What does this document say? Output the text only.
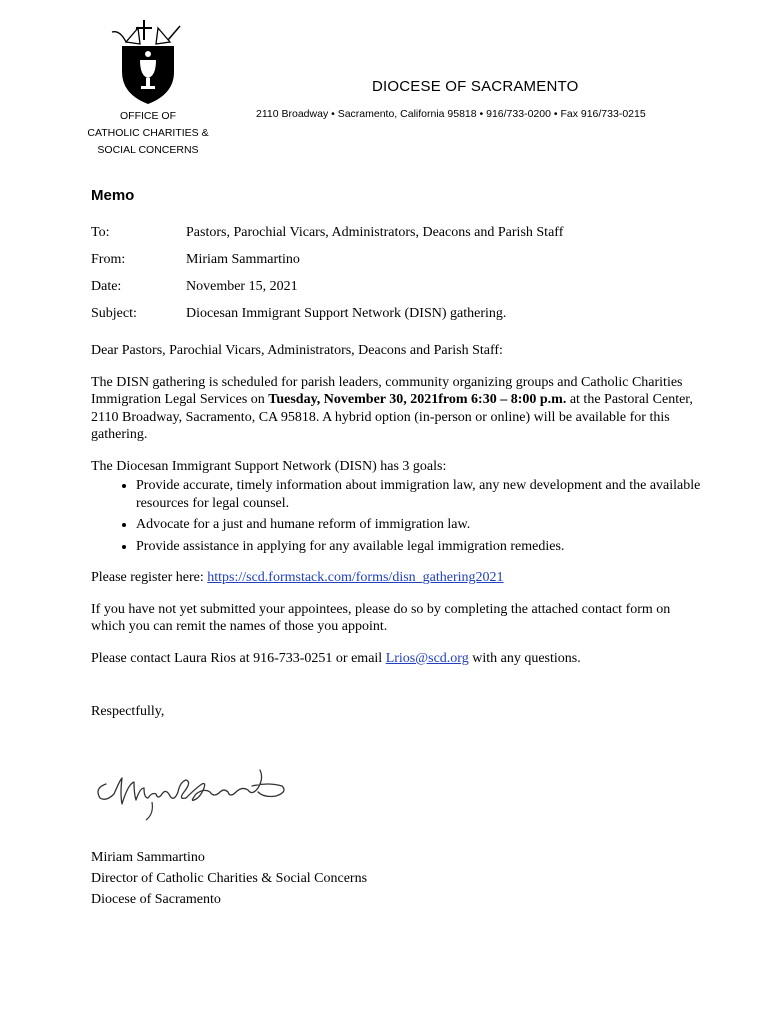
DIOCESE OF SACRAMENTO
OFFICE OF
CATHOLIC CHARITIES &
SOCIAL CONCERNS
2110 Broadway • Sacramento, California 95818 • 916/733-0200 • Fax 916/733-0215
Memo
To:	Pastors, Parochial Vicars, Administrators, Deacons and Parish Staff
From:	Miriam Sammartino
Date:	November 15, 2021
Subject:	Diocesan Immigrant Support Network (DISN) gathering.

Dear Pastors, Parochial Vicars, Administrators, Deacons and Parish Staff:

The DISN gathering is scheduled for parish leaders, community organizing groups and Catholic Charities Immigration Legal Services on Tuesday, November 30, 2021from 6:30 – 8:00 p.m. at the Pastoral Center, 2110 Broadway, Sacramento, CA 95818. A hybrid option (in-person or online) will be available for this gathering.

The Diocesan Immigrant Support Network (DISN) has 3 goals:

• Provide accurate, timely information about immigration law, any new development and the available resources for legal counsel.
• Advocate for a just and humane reform of immigration law.
• Provide assistance in applying for any available legal immigration remedies.

Please register here: https://scd.formstack.com/forms/disn_gathering2021

If you have not yet submitted your appointees, please do so by completing the attached contact form on which you can remit the names of those you appoint.

Please contact Laura Rios at 916-733-0251 or email Lrios@scd.org with any questions.

Respectfully,

Miriam Sammartino
Director of Catholic Charities & Social Concerns
Diocese of Sacramento
